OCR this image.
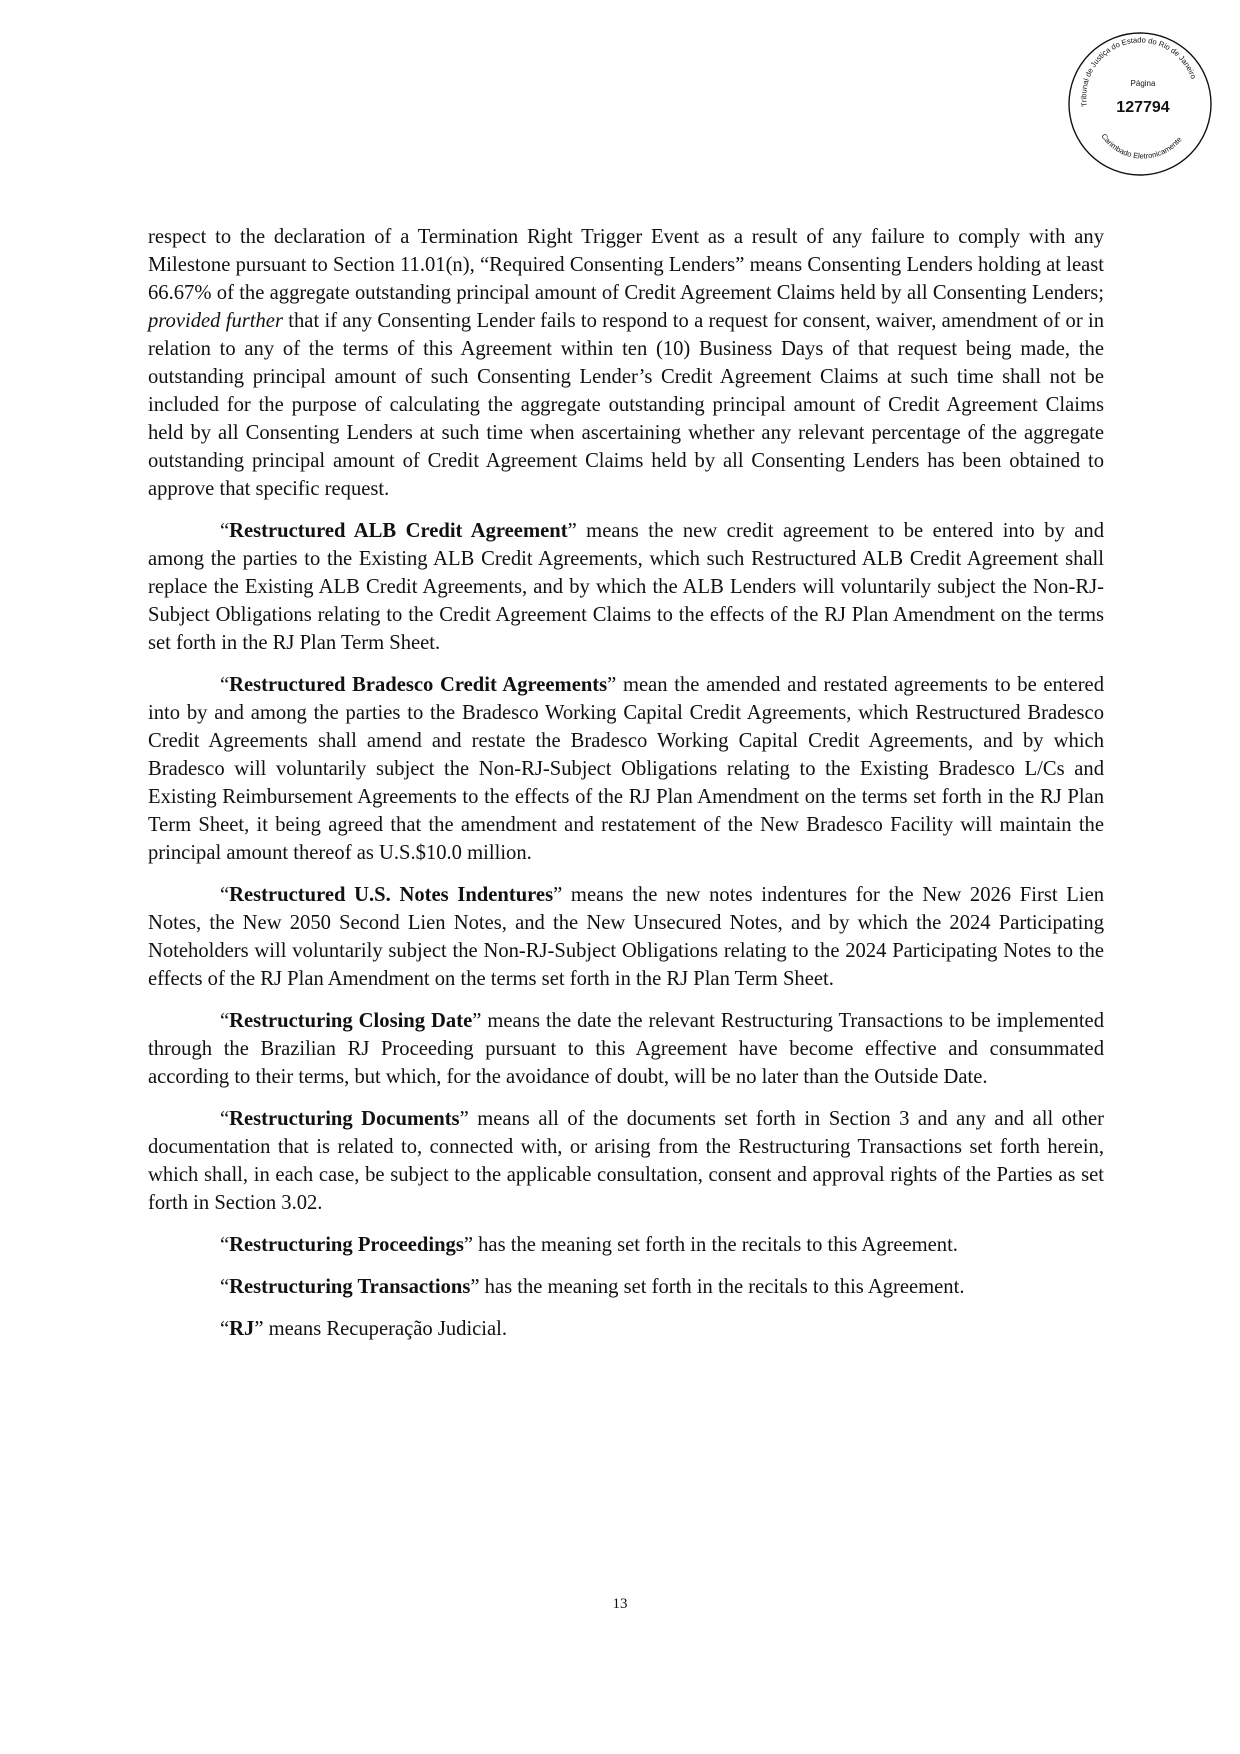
Tribunal de Justiça do Estado do Rio de Janeiro
Carimbado Eletronicamente
Página
127794

respect to the declaration of a Termination Right Trigger Event as a result of any failure to comply with any Milestone pursuant to Section 11.01(n), “Required Consenting Lenders” means Consenting Lenders holding at least 66.67% of the aggregate outstanding principal amount of Credit Agreement Claims held by all Consenting Lenders; provided further that if any Consenting Lender fails to respond to a request for consent, waiver, amendment of or in relation to any of the terms of this Agreement within ten (10) Business Days of that request being made, the outstanding principal amount of such Consenting Lender’s Credit Agreement Claims at such time shall not be included for the purpose of calculating the aggregate outstanding principal amount of Credit Agreement Claims held by all Consenting Lenders at such time when ascertaining whether any relevant percentage of the aggregate outstanding principal amount of Credit Agreement Claims held by all Consenting Lenders has been obtained to approve that specific request.

“Restructured ALB Credit Agreement” means the new credit agreement to be entered into by and among the parties to the Existing ALB Credit Agreements, which such Restructured ALB Credit Agreement shall replace the Existing ALB Credit Agreements, and by which the ALB Lenders will voluntarily subject the Non-RJ-Subject Obligations relating to the Credit Agreement Claims to the effects of the RJ Plan Amendment on the terms set forth in the RJ Plan Term Sheet.

“Restructured Bradesco Credit Agreements” mean the amended and restated agreements to be entered into by and among the parties to the Bradesco Working Capital Credit Agreements, which Restructured Bradesco Credit Agreements shall amend and restate the Bradesco Working Capital Credit Agreements, and by which Bradesco will voluntarily subject the Non-RJ-Subject Obligations relating to the Existing Bradesco L/Cs and Existing Reimbursement Agreements to the effects of the RJ Plan Amendment on the terms set forth in the RJ Plan Term Sheet, it being agreed that the amendment and restatement of the New Bradesco Facility will maintain the principal amount thereof as U.S.$10.0 million.

“Restructured U.S. Notes Indentures” means the new notes indentures for the New 2026 First Lien Notes, the New 2050 Second Lien Notes, and the New Unsecured Notes, and by which the 2024 Participating Noteholders will voluntarily subject the Non-RJ-Subject Obligations relating to the 2024 Participating Notes to the effects of the RJ Plan Amendment on the terms set forth in the RJ Plan Term Sheet.

“Restructuring Closing Date” means the date the relevant Restructuring Transactions to be implemented through the Brazilian RJ Proceeding pursuant to this Agreement have become effective and consummated according to their terms, but which, for the avoidance of doubt, will be no later than the Outside Date.

“Restructuring Documents” means all of the documents set forth in Section 3 and any and all other documentation that is related to, connected with, or arising from the Restructuring Transactions set forth herein, which shall, in each case, be subject to the applicable consultation, consent and approval rights of the Parties as set forth in Section 3.02.

“Restructuring Proceedings” has the meaning set forth in the recitals to this Agreement.

“Restructuring Transactions” has the meaning set forth in the recitals to this Agreement.

“RJ” means Recuperação Judicial.

13
